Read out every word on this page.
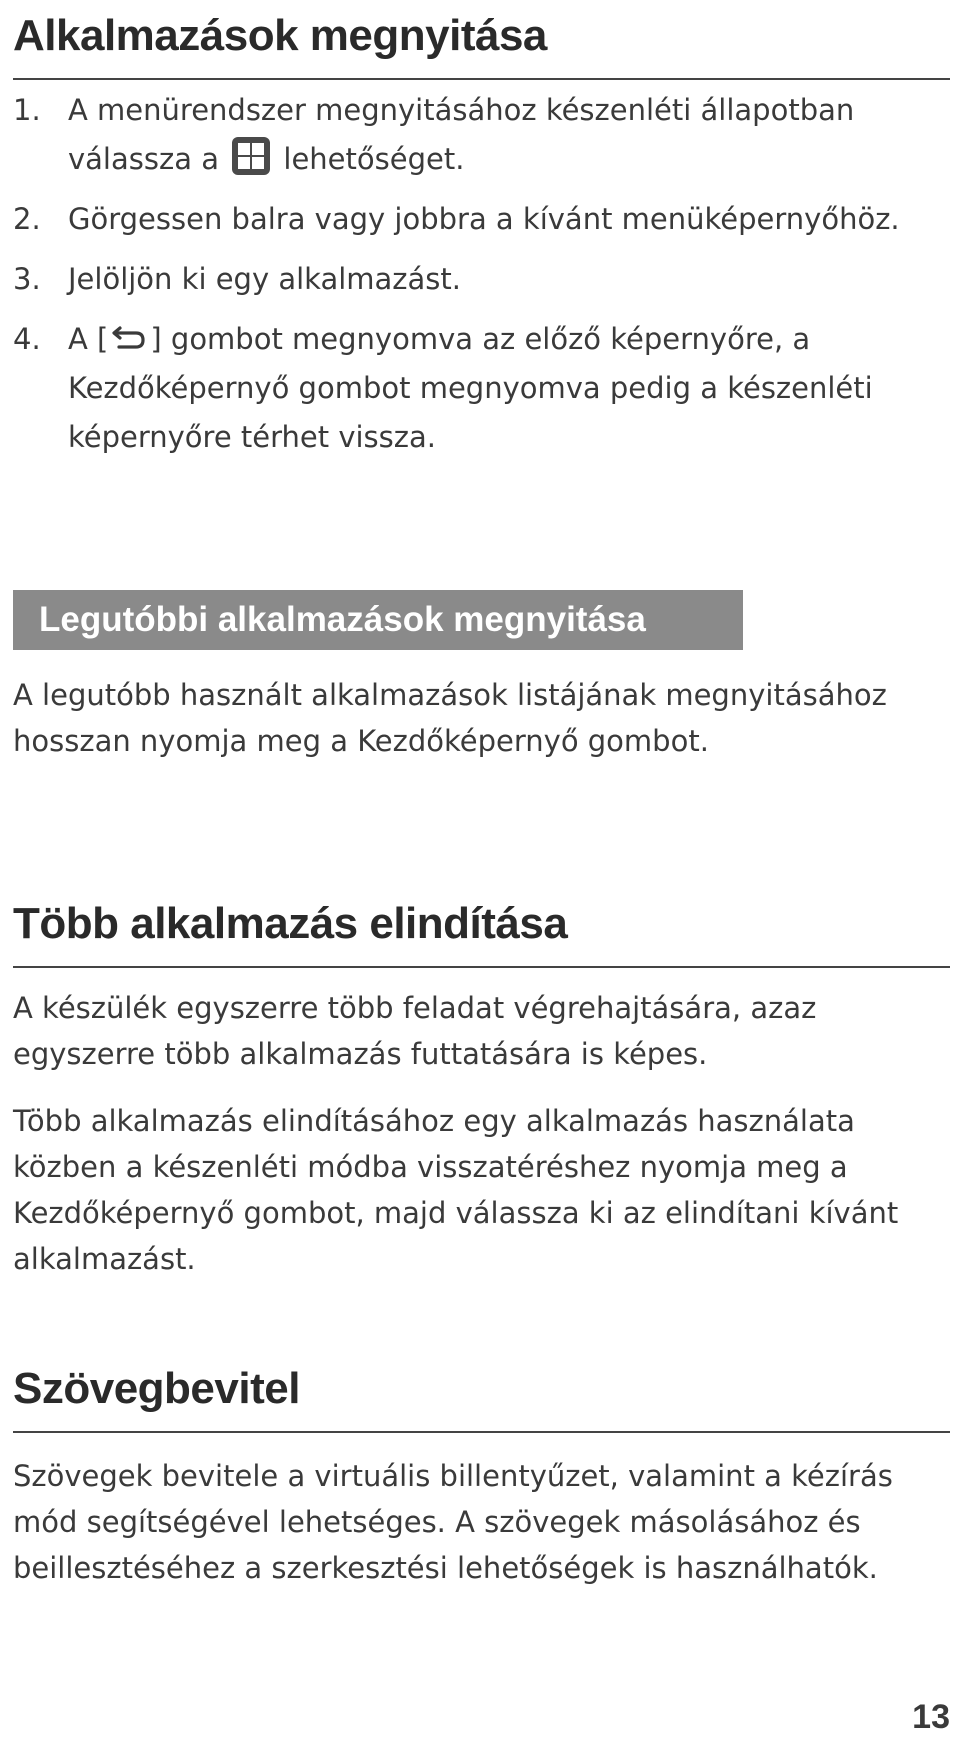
Alkalmazások megnyitása
1. A menürendszer megnyitásához készenléti állapotban válassza a lehetőséget.
2. Görgessen balra vagy jobbra a kívánt menüképernyőhöz.
3. Jelöljön ki egy alkalmazást.
4. A [ ] gombot megnyomva az előző képernyőre, a Kezdőképernyő gombot megnyomva pedig a készenléti képernyőre térhet vissza.
Legutóbbi alkalmazások megnyitása

A legutóbb használt alkalmazások listájának megnyitásához hosszan nyomja meg a Kezdőképernyő gombot.

Több alkalmazás elindítása

A készülék egyszerre több feladat végrehajtására, azaz egyszerre több alkalmazás futtatására is képes.

Több alkalmazás elindításához egy alkalmazás használata közben a készenléti módba visszatéréshez nyomja meg a Kezdőképernyő gombot, majd válassza ki az elindítani kívánt alkalmazást.

Szövegbevitel

Szövegek bevitele a virtuális billentyűzet, valamint a kézírás mód segítségével lehetséges. A szövegek másolásához és beillesztéséhez a szerkesztési lehetőségek is használhatók.

13
